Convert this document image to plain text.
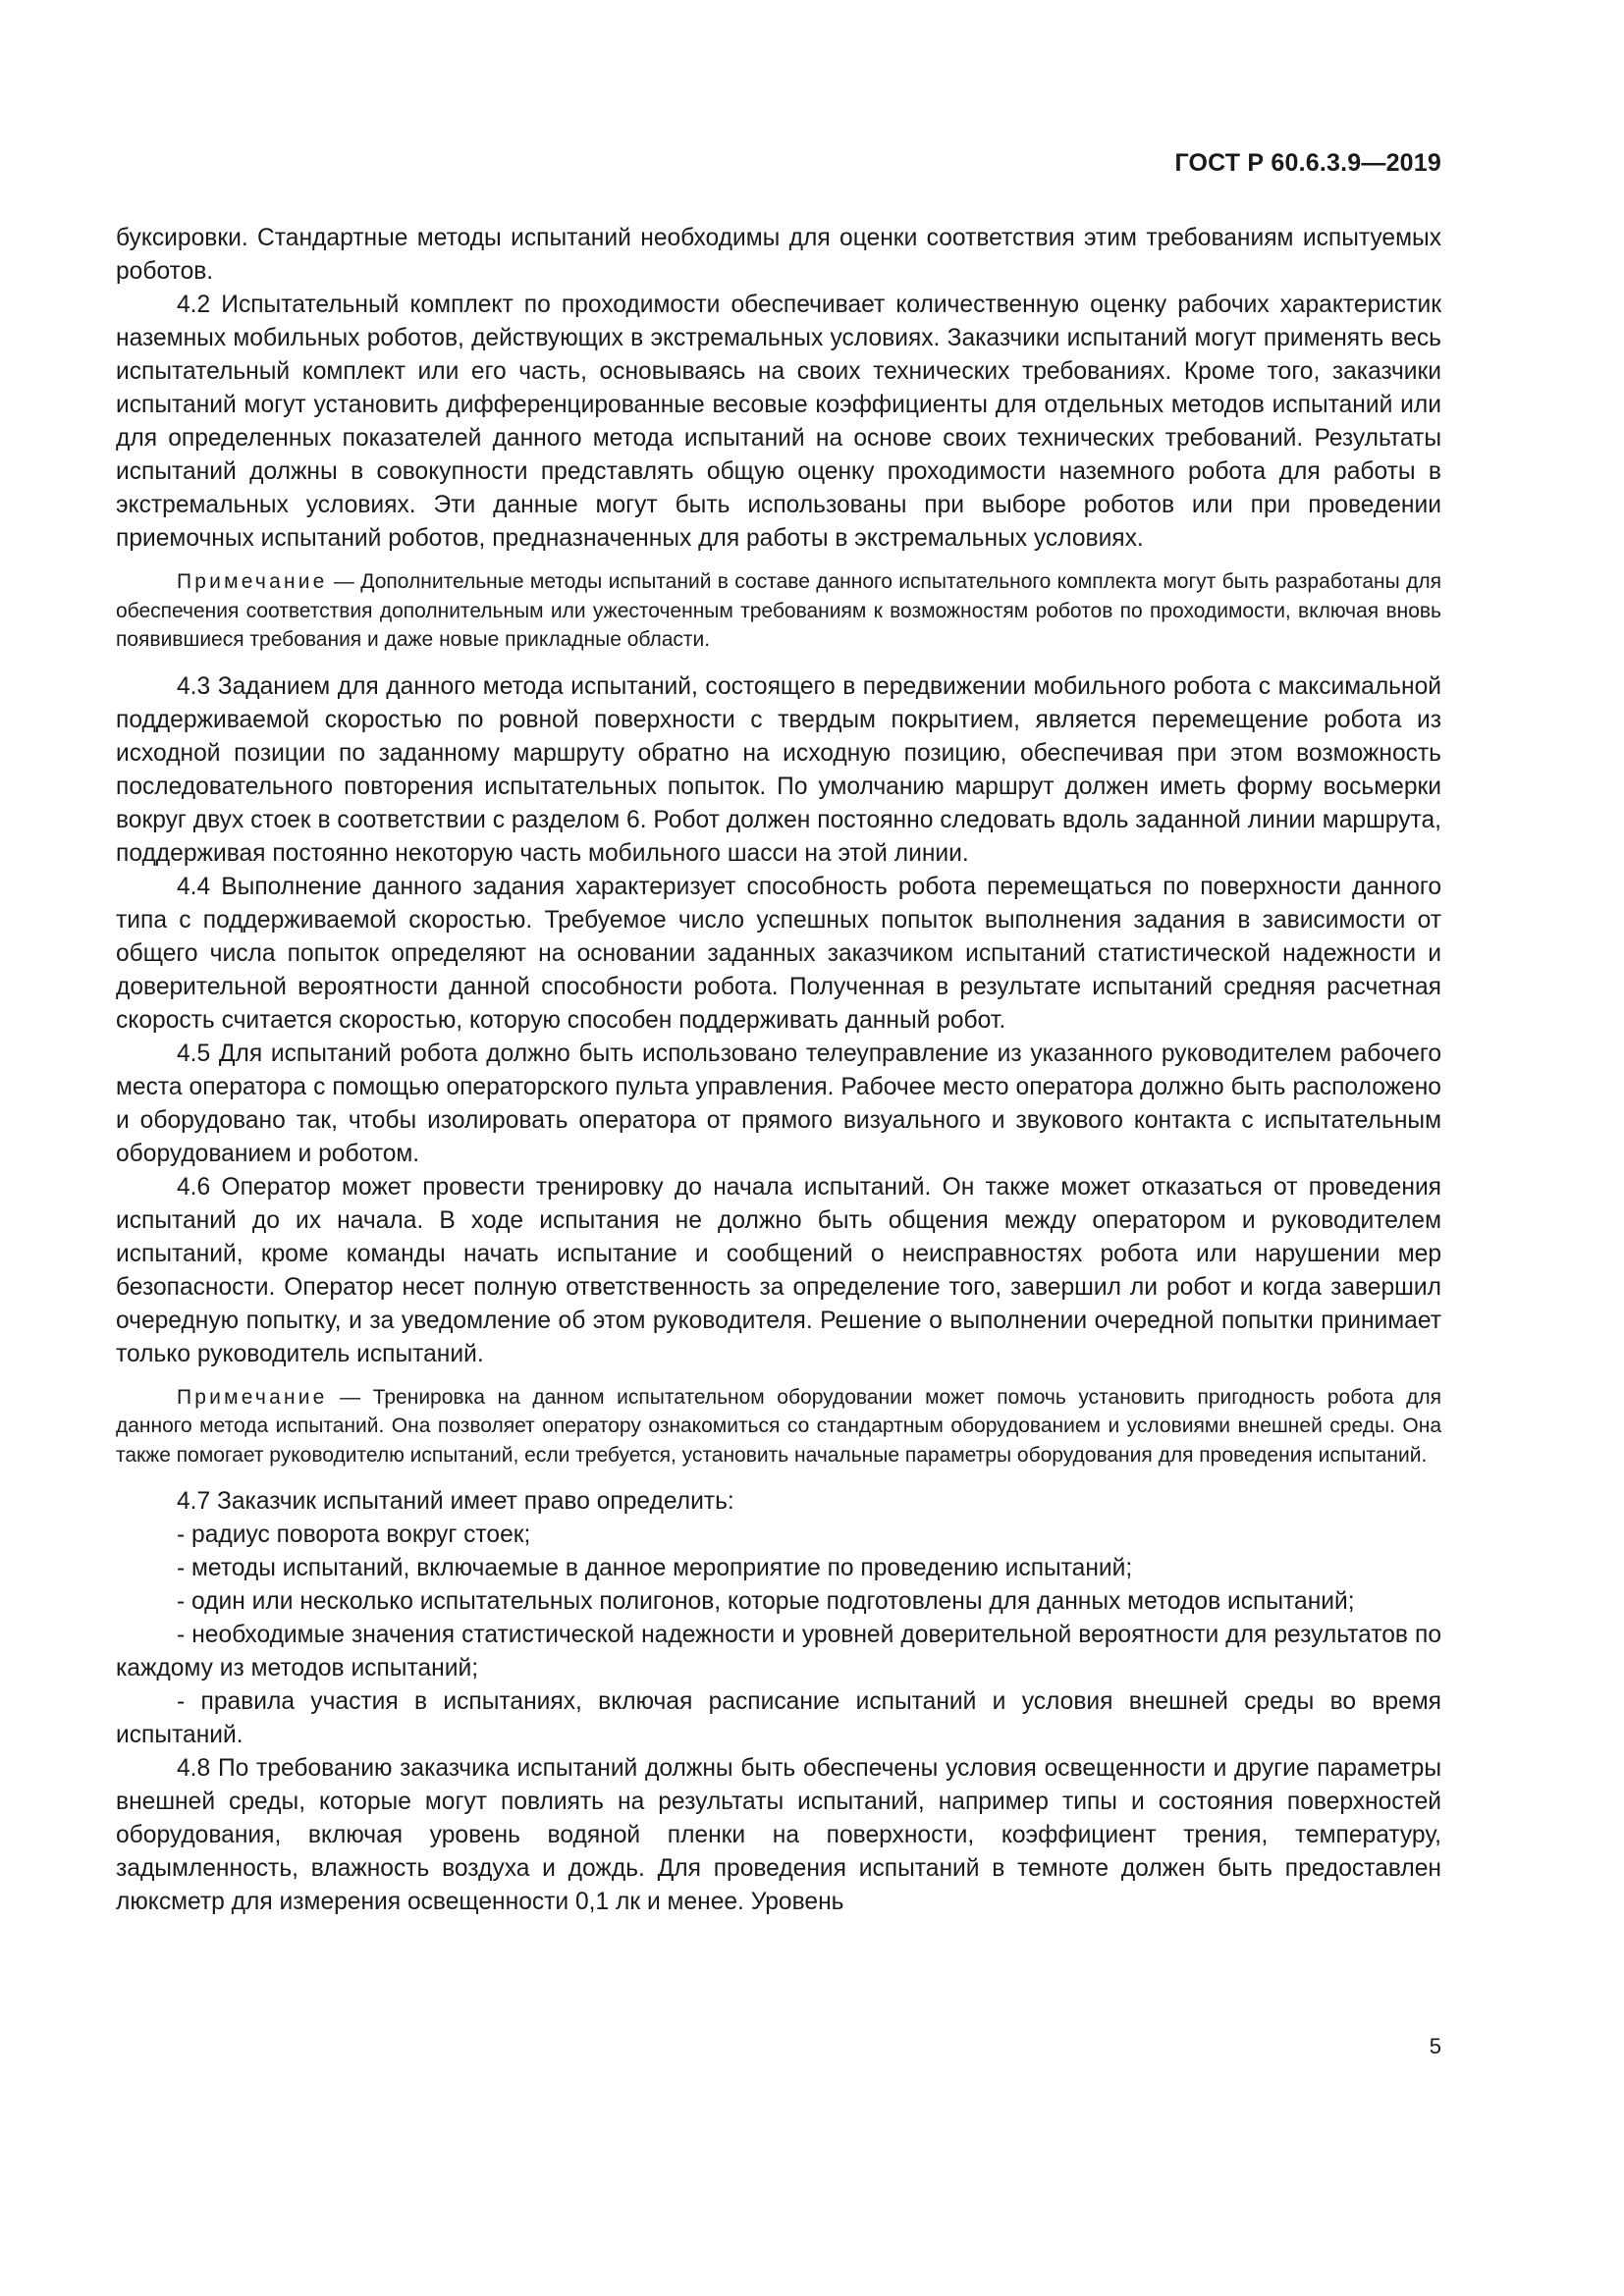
ГОСТ Р 60.6.3.9—2019

буксировки. Стандартные методы испытаний необходимы для оценки соответствия этим требованиям испытуемых роботов.

4.2 Испытательный комплект по проходимости обеспечивает количественную оценку рабочих характеристик наземных мобильных роботов, действующих в экстремальных условиях. Заказчики испытаний могут применять весь испытательный комплект или его часть, основываясь на своих технических требованиях. Кроме того, заказчики испытаний могут установить дифференцированные весовые коэффициенты для отдельных методов испытаний или для определенных показателей данного метода испытаний на основе своих технических требований. Результаты испытаний должны в совокупности представлять общую оценку проходимости наземного робота для работы в экстремальных условиях. Эти данные могут быть использованы при выборе роботов или при проведении приемочных испытаний роботов, предназначенных для работы в экстремальных условиях.

Примечание — Дополнительные методы испытаний в составе данного испытательного комплекта могут быть разработаны для обеспечения соответствия дополнительным или ужесточенным требованиям к возможностям роботов по проходимости, включая вновь появившиеся требования и даже новые прикладные области.

4.3 Заданием для данного метода испытаний, состоящего в передвижении мобильного робота с максимальной поддерживаемой скоростью по ровной поверхности с твердым покрытием, является перемещение робота из исходной позиции по заданному маршруту обратно на исходную позицию, обеспечивая при этом возможность последовательного повторения испытательных попыток. По умолчанию маршрут должен иметь форму восьмерки вокруг двух стоек в соответствии с разделом 6. Робот должен постоянно следовать вдоль заданной линии маршрута, поддерживая постоянно некоторую часть мобильного шасси на этой линии.

4.4 Выполнение данного задания характеризует способность робота перемещаться по поверхности данного типа с поддерживаемой скоростью. Требуемое число успешных попыток выполнения задания в зависимости от общего числа попыток определяют на основании заданных заказчиком испытаний статистической надежности и доверительной вероятности данной способности робота. Полученная в результате испытаний средняя расчетная скорость считается скоростью, которую способен поддерживать данный робот.

4.5 Для испытаний робота должно быть использовано телеуправление из указанного руководителем рабочего места оператора с помощью операторского пульта управления. Рабочее место оператора должно быть расположено и оборудовано так, чтобы изолировать оператора от прямого визуального и звукового контакта с испытательным оборудованием и роботом.

4.6 Оператор может провести тренировку до начала испытаний. Он также может отказаться от проведения испытаний до их начала. В ходе испытания не должно быть общения между оператором и руководителем испытаний, кроме команды начать испытание и сообщений о неисправностях робота или нарушении мер безопасности. Оператор несет полную ответственность за определение того, завершил ли робот и когда завершил очередную попытку, и за уведомление об этом руководителя. Решение о выполнении очередной попытки принимает только руководитель испытаний.

Примечание — Тренировка на данном испытательном оборудовании может помочь установить пригодность робота для данного метода испытаний. Она позволяет оператору ознакомиться со стандартным оборудованием и условиями внешней среды. Она также помогает руководителю испытаний, если требуется, установить начальные параметры оборудования для проведения испытаний.

4.7 Заказчик испытаний имеет право определить:

- радиус поворота вокруг стоек;

- методы испытаний, включаемые в данное мероприятие по проведению испытаний;

- один или несколько испытательных полигонов, которые подготовлены для данных методов испытаний;

- необходимые значения статистической надежности и уровней доверительной вероятности для результатов по каждому из методов испытаний;

- правила участия в испытаниях, включая расписание испытаний и условия внешней среды во время испытаний.

4.8 По требованию заказчика испытаний должны быть обеспечены условия освещенности и другие параметры внешней среды, которые могут повлиять на результаты испытаний, например типы и состояния поверхностей оборудования, включая уровень водяной пленки на поверхности, коэффициент трения, температуру, задымленность, влажность воздуха и дождь. Для проведения испытаний в темноте должен быть предоставлен люксметр для измерения освещенности 0,1 лк и менее. Уровень

5
